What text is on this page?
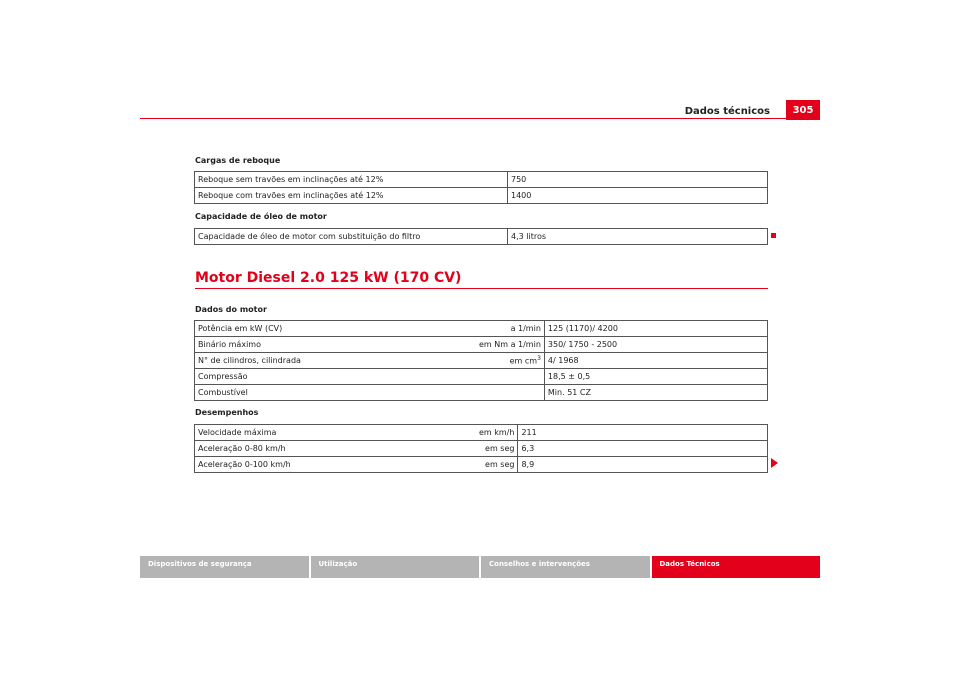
Dados técnicos	305
Cargas de reboque
Reboque sem travões em inclinações até 12%	750
Reboque com travões em inclinações até 12%	1400
Capacidade de óleo de motor
Capacidade de óleo de motor com substituição do filtro	4,3 litros
Motor Diesel 2.0 125 kW (170 CV)
Dados do motor
Potência em kW (CV)	a 1/min	125 (1170)/ 4200
Binário máximo	em Nm a 1/min	350/ 1750 - 2500
N° de cilindros, cilindrada	em $cm^3$	4/ 1968
Compressão		18,5 ± 0,5
Combustível		Min. 51 CZ
Desempenhos
Velocidade máxima	em km/h	211
Aceleração 0-80 km/h	em seg	6,3
Aceleração 0-100 km/h	em seg	8,9
Dispositivos de segurança	Utilização	Conselhos e intervenções	Dados Técnicos
